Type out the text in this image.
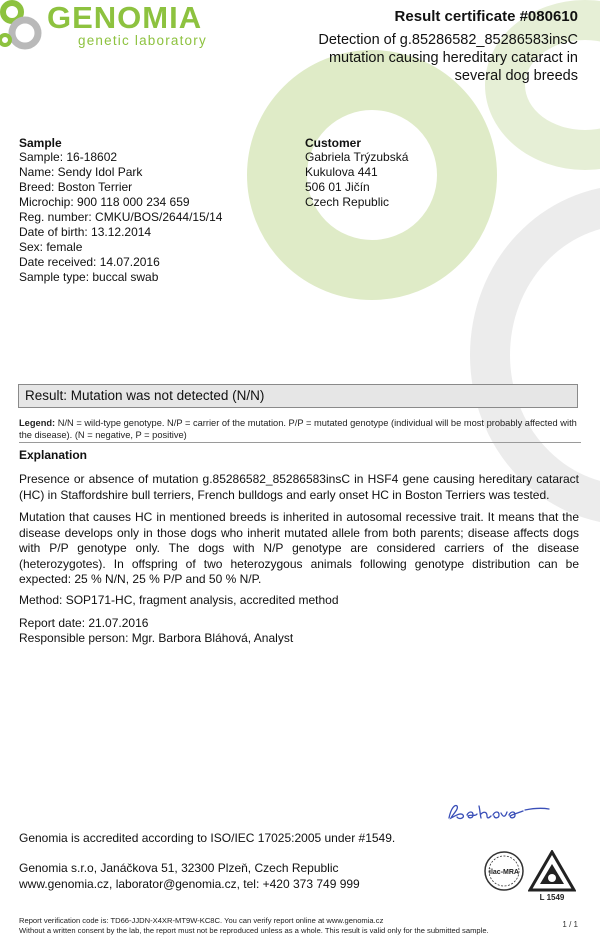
GENOMIA
genetic laboratory
Result certificate #080610
Detection of g.85286582_85286583insC
mutation causing hereditary cataract in
several dog breeds
Sample
Sample: 16-18602
Name: Sendy Idol Park
Breed: Boston Terrier
Microchip: 900 118 000 234 659
Reg. number: CMKU/BOS/2644/15/14
Date of birth: 13.12.2014
Sex: female
Date received: 14.07.2016
Sample type: buccal swab
Customer
Gabriela Trýzubská
Kukulova 441
506 01 Jičín
Czech Republic
Result: Mutation was not detected (N/N)
Legend: N/N = wild-type genotype. N/P = carrier of the mutation. P/P = mutated genotype (individual will be most probably affected with the disease). (N = negative, P = positive)
Explanation
Presence or absence of mutation g.85286582_85286583insC in HSF4 gene causing hereditary cataract (HC) in Staffordshire bull terriers, French bulldogs and early onset HC in Boston Terriers was tested.
Mutation that causes HC in mentioned breeds is inherited in autosomal recessive trait. It means that the disease develops only in those dogs who inherit mutated allele from both parents; disease affects dogs with P/P genotype only. The dogs with N/P genotype are considered carriers of the disease (heterozygotes). In offspring of two heterozygous animals following genotype distribution can be expected: 25 % N/N, 25 % P/P and 50 % N/P.
Method: SOP171-HC, fragment analysis, accredited method
Report date: 21.07.2016
Responsible person: Mgr. Barbora Bláhová, Analyst
Genomia is accredited according to ISO/IEC 17025:2005 under #1549.
Genomia s.r.o, Janáčkova 51, 32300 Plzeň, Czech Republic
www.genomia.cz, laborator@genomia.cz, tel: +420 373 749 999
ilac-MRA
L 1549
Report verification code is: TD66-JJDN-X4XR-MT9W-KC8C. You can verify report online at www.genomia.cz
Without a written consent by the lab, the report must not be reproduced unless as a whole. This result is valid only for the submitted sample.
1 / 1
